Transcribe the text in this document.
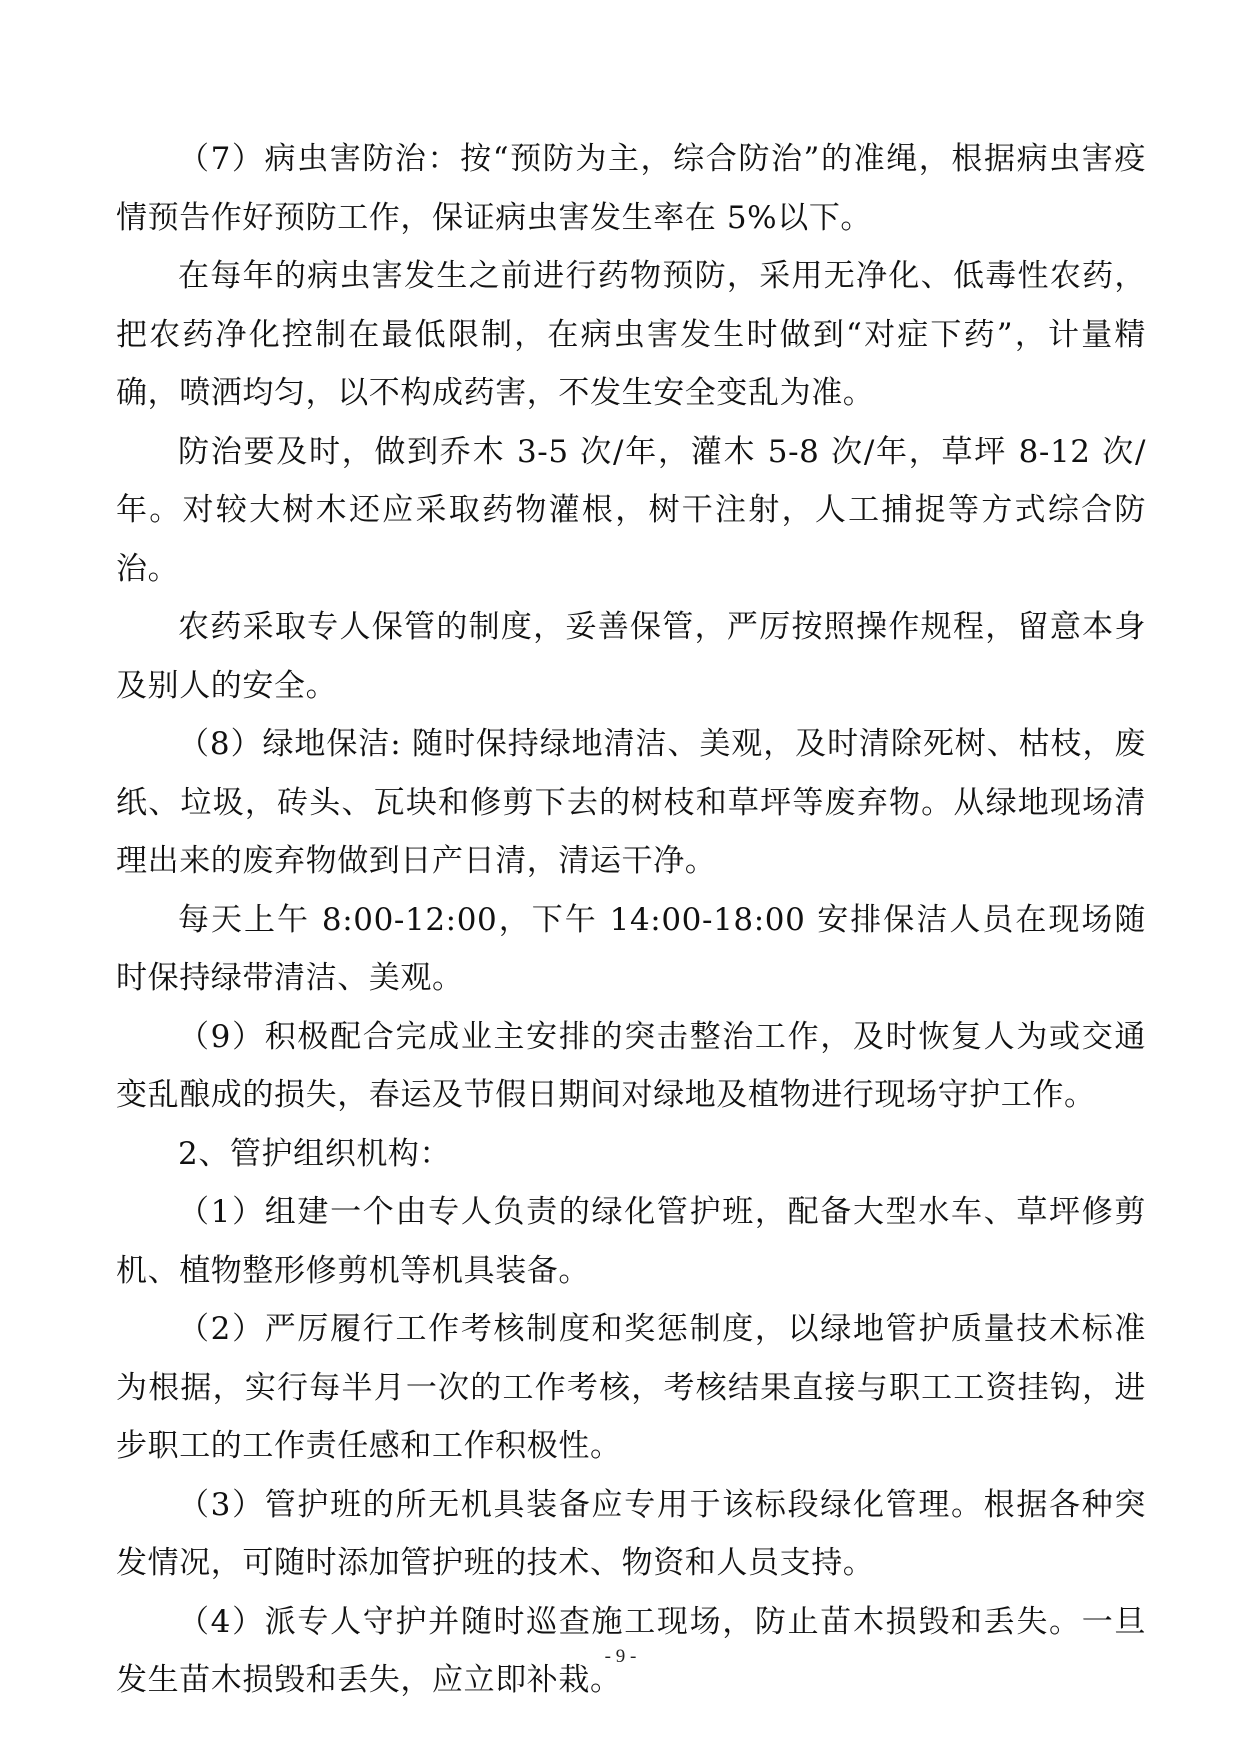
（7）病虫害防治：按“预防为主，综合防治”的准绳，根据病虫害疫情预告作好预防工作，保证病虫害发生率在 5%以下。

在每年的病虫害发生之前进行药物预防，采用无净化、低毒性农药，把农药净化控制在最低限制，在病虫害发生时做到“对症下药”，计量精确，喷洒均匀，以不构成药害，不发生安全变乱为准。

防治要及时，做到乔木 3-5 次/年，灌木 5-8 次/年，草坪 8-12 次/年。对较大树木还应采取药物灌根，树干注射，人工捕捉等方式综合防治。

农药采取专人保管的制度，妥善保管，严厉按照操作规程，留意本身及别人的安全。

（8）绿地保洁: 随时保持绿地清洁、美观，及时清除死树、枯枝，废纸、垃圾，砖头、瓦块和修剪下去的树枝和草坪等废弃物。从绿地现场清理出来的废弃物做到日产日清，清运干净。

每天上午 8:00-12:00，下午 14:00-18:00 安排保洁人员在现场随时保持绿带清洁、美观。

（9）积极配合完成业主安排的突击整治工作，及时恢复人为或交通变乱酿成的损失，春运及节假日期间对绿地及植物进行现场守护工作。

2、管护组织机构：

（1）组建一个由专人负责的绿化管护班，配备大型水车、草坪修剪机、植物整形修剪机等机具装备。

（2）严厉履行工作考核制度和奖惩制度，以绿地管护质量技术标准为根据，实行每半月一次的工作考核，考核结果直接与职工工资挂钩，进步职工的工作责任感和工作积极性。

（3）管护班的所无机具装备应专用于该标段绿化管理。根据各种突发情况，可随时添加管护班的技术、物资和人员支持。

（4）派专人守护并随时巡查施工现场，防止苗木损毁和丢失。一旦发生苗木损毁和丢失，应立即补栽。

- 9 -
